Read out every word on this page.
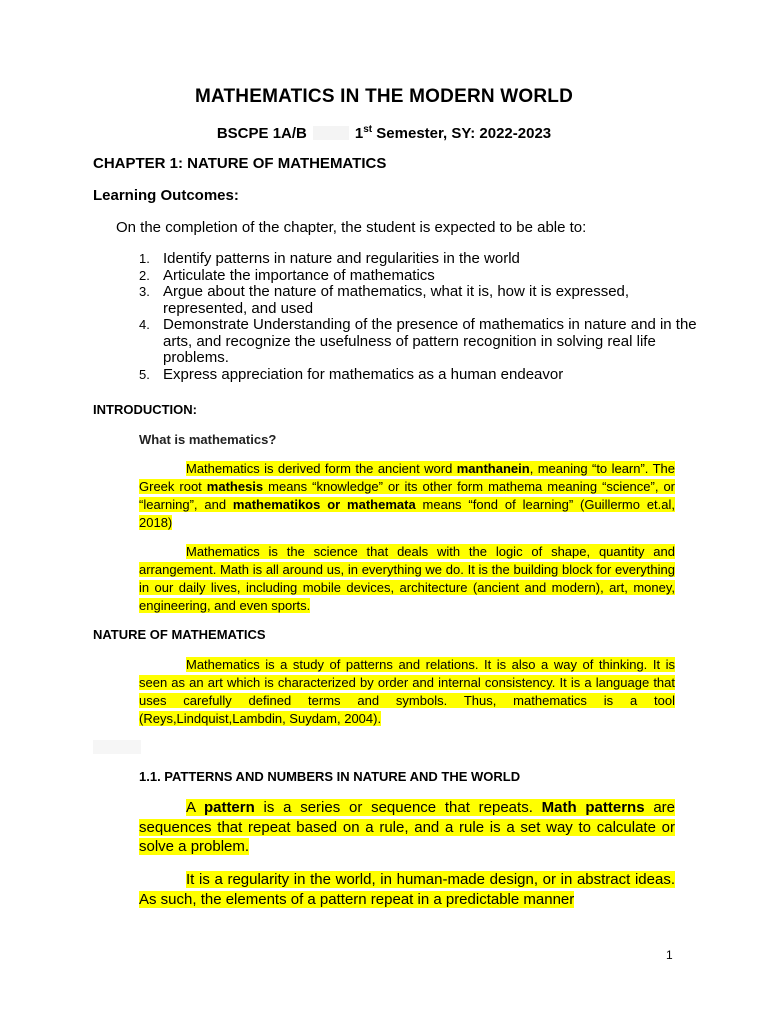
MATHEMATICS IN THE MODERN WORLD
BSCPE 1A/B	1st Semester, SY: 2022-2023
CHAPTER 1: NATURE OF MATHEMATICS
Learning Outcomes:
On the completion of the chapter, the student is expected to be able to:
1. Identify patterns in nature and regularities in the world
2. Articulate the importance of mathematics
3. Argue about the nature of mathematics, what it is, how it is expressed, represented, and used
4. Demonstrate Understanding of the presence of mathematics in nature and in the arts, and recognize the usefulness of pattern recognition in solving real life problems.
5. Express appreciation for mathematics as a human endeavor
INTRODUCTION:
What is mathematics?
Mathematics is derived form the ancient word manthanein, meaning “to learn”. The Greek root mathesis means “knowledge” or its other form mathema meaning “science”, or “learning”, and mathematikos or mathemata means “fond of learning” (Guillermo et.al, 2018)
Mathematics is the science that deals with the logic of shape, quantity and arrangement. Math is all around us, in everything we do. It is the building block for everything in our daily lives, including mobile devices, architecture (ancient and modern), art, money, engineering, and even sports.
NATURE OF MATHEMATICS
Mathematics is a study of patterns and relations. It is also a way of thinking. It is seen as an art which is characterized by order and internal consistency. It is a language that uses carefully defined terms and symbols. Thus, mathematics is a tool (Reys,Lindquist,Lambdin, Suydam, 2004).
1.1. PATTERNS AND NUMBERS IN NATURE AND THE WORLD
A pattern is a series or sequence that repeats. Math patterns are sequences that repeat based on a rule, and a rule is a set way to calculate or solve a problem.
It is a regularity in the world, in human-made design, or in abstract ideas. As such, the elements of a pattern repeat in a predictable manner
1
